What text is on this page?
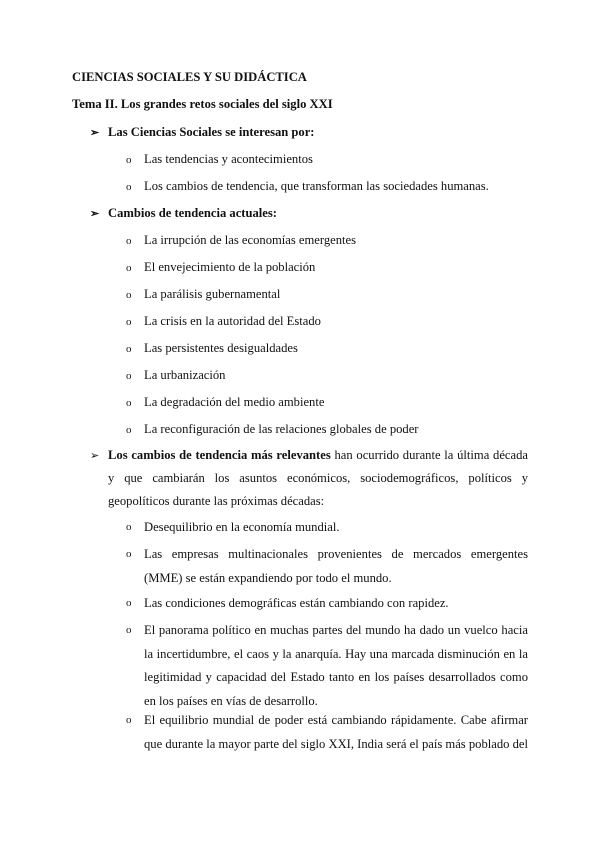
CIENCIAS SOCIALES Y SU DIDÁCTICA
Tema II. Los grandes retos sociales del siglo XXI
➢ Las Ciencias Sociales se interesan por:
o Las tendencias y acontecimientos
o Los cambios de tendencia, que transforman las sociedades humanas.
➢ Cambios de tendencia actuales:
o La irrupción de las economías emergentes
o El envejecimiento de la población
o La parálisis gubernamental
o La crisis en la autoridad del Estado
o Las persistentes desigualdades
o La urbanización
o La degradación del medio ambiente
o La reconfiguración de las relaciones globales de poder
➢ Los cambios de tendencia más relevantes han ocurrido durante la última década y que cambiarán los asuntos económicos, sociodemográficos, políticos y geopolíticos durante las próximas décadas:
o Desequilibrio en la economía mundial.
o Las empresas multinacionales provenientes de mercados emergentes (MME) se están expandiendo por todo el mundo.
o Las condiciones demográficas están cambiando con rapidez.
o El panorama político en muchas partes del mundo ha dado un vuelco hacia la incertidumbre, el caos y la anarquía. Hay una marcada disminución en la legitimidad y capacidad del Estado tanto en los países desarrollados como en los países en vías de desarrollo.
o El equilibrio mundial de poder está cambiando rápidamente. Cabe afirmar que durante la mayor parte del siglo XXI, India será el país más poblado del
